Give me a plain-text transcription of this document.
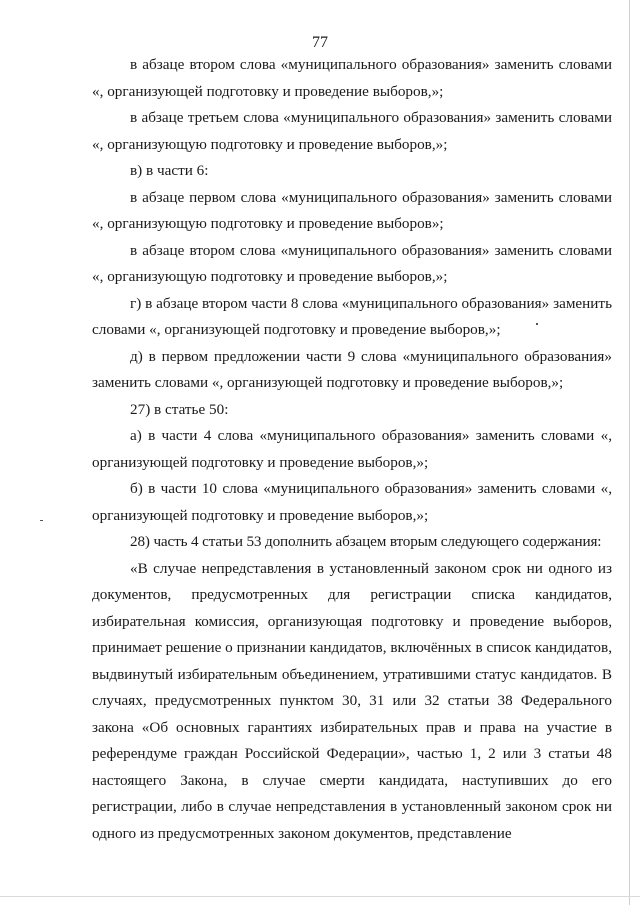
77

в абзаце втором слова «муниципального образования» заменить словами «, организующей подготовку и проведение выборов,»;

в абзаце третьем слова «муниципального образования» заменить словами «, организующую подготовку и проведение выборов,»;

в) в части 6:

в абзаце первом слова «муниципального образования» заменить словами «, организующую подготовку и проведение выборов»;

в абзаце втором слова «муниципального образования» заменить словами «, организующую подготовку и проведение выборов,»;

г) в абзаце втором части 8 слова «муниципального образования» заменить словами «, организующей подготовку и проведение выборов,»;

д) в первом предложении части 9 слова «муниципального образования» заменить словами «, организующей подготовку и проведение выборов,»;

27) в статье 50:

а) в части 4 слова «муниципального образования» заменить словами «, организующей подготовку и проведение выборов,»;

б) в части 10 слова «муниципального образования» заменить словами «, организующей подготовку и проведение выборов,»;

28) часть 4 статьи 53 дополнить абзацем вторым следующего содержания:

«В случае непредставления в установленный законом срок ни одного из документов, предусмотренных для регистрации списка кандидатов, избирательная комиссия, организующая подготовку и проведение выборов, принимает решение о признании кандидатов, включённых в список кандидатов, выдвинутый избирательным объединением, утратившими статус кандидатов. В случаях, предусмотренных пунктом 30, 31 или 32 статьи 38 Федерального закона «Об основных гарантиях избирательных прав и права на участие в референдуме граждан Российской Федерации», частью 1, 2 или 3 статьи 48 настоящего Закона, в случае смерти кандидата, наступивших до его регистрации, либо в случае непредставления в установленный законом срок ни одного из предусмотренных законом документов, представление
